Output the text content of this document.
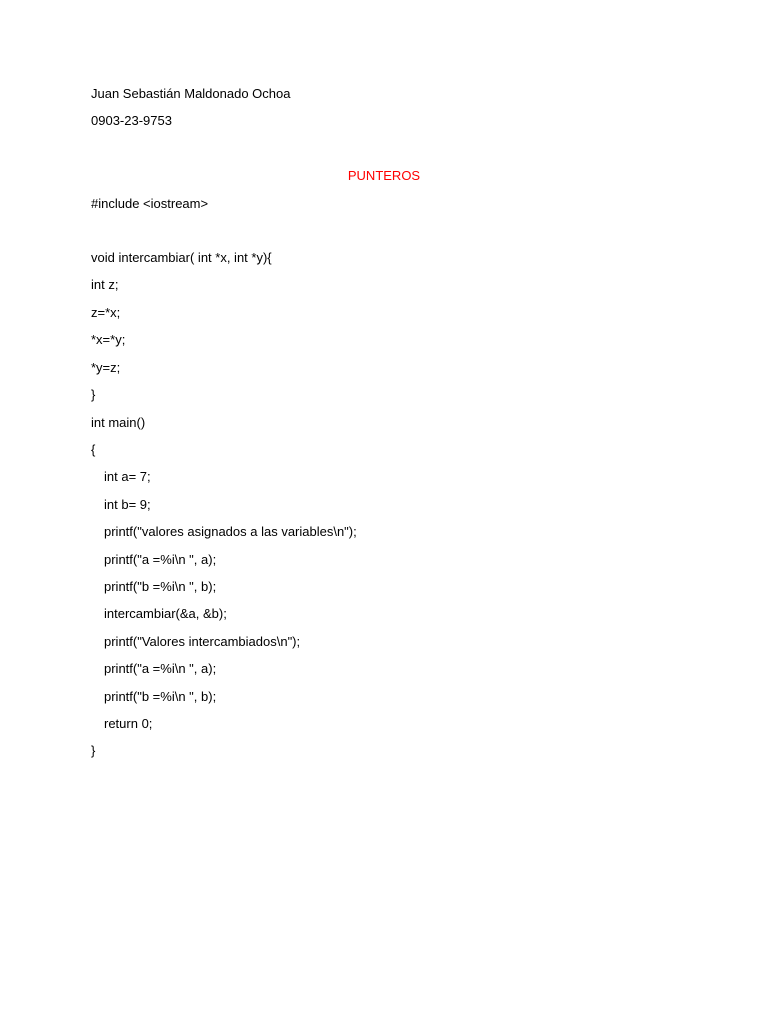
Juan Sebastián Maldonado Ochoa
0903-23-9753
PUNTEROS
#include <iostream>
void intercambiar( int *x, int *y){
int z;
z=*x;
*x=*y;
*y=z;
}
int main()
{
int a= 7;
int b= 9;
printf("valores asignados a las variables\n");
printf("a =%i\n ", a);
printf("b =%i\n ", b);
intercambiar(&a, &b);
printf("Valores intercambiados\n");
printf("a =%i\n ", a);
printf("b =%i\n ", b);
return 0;
}
